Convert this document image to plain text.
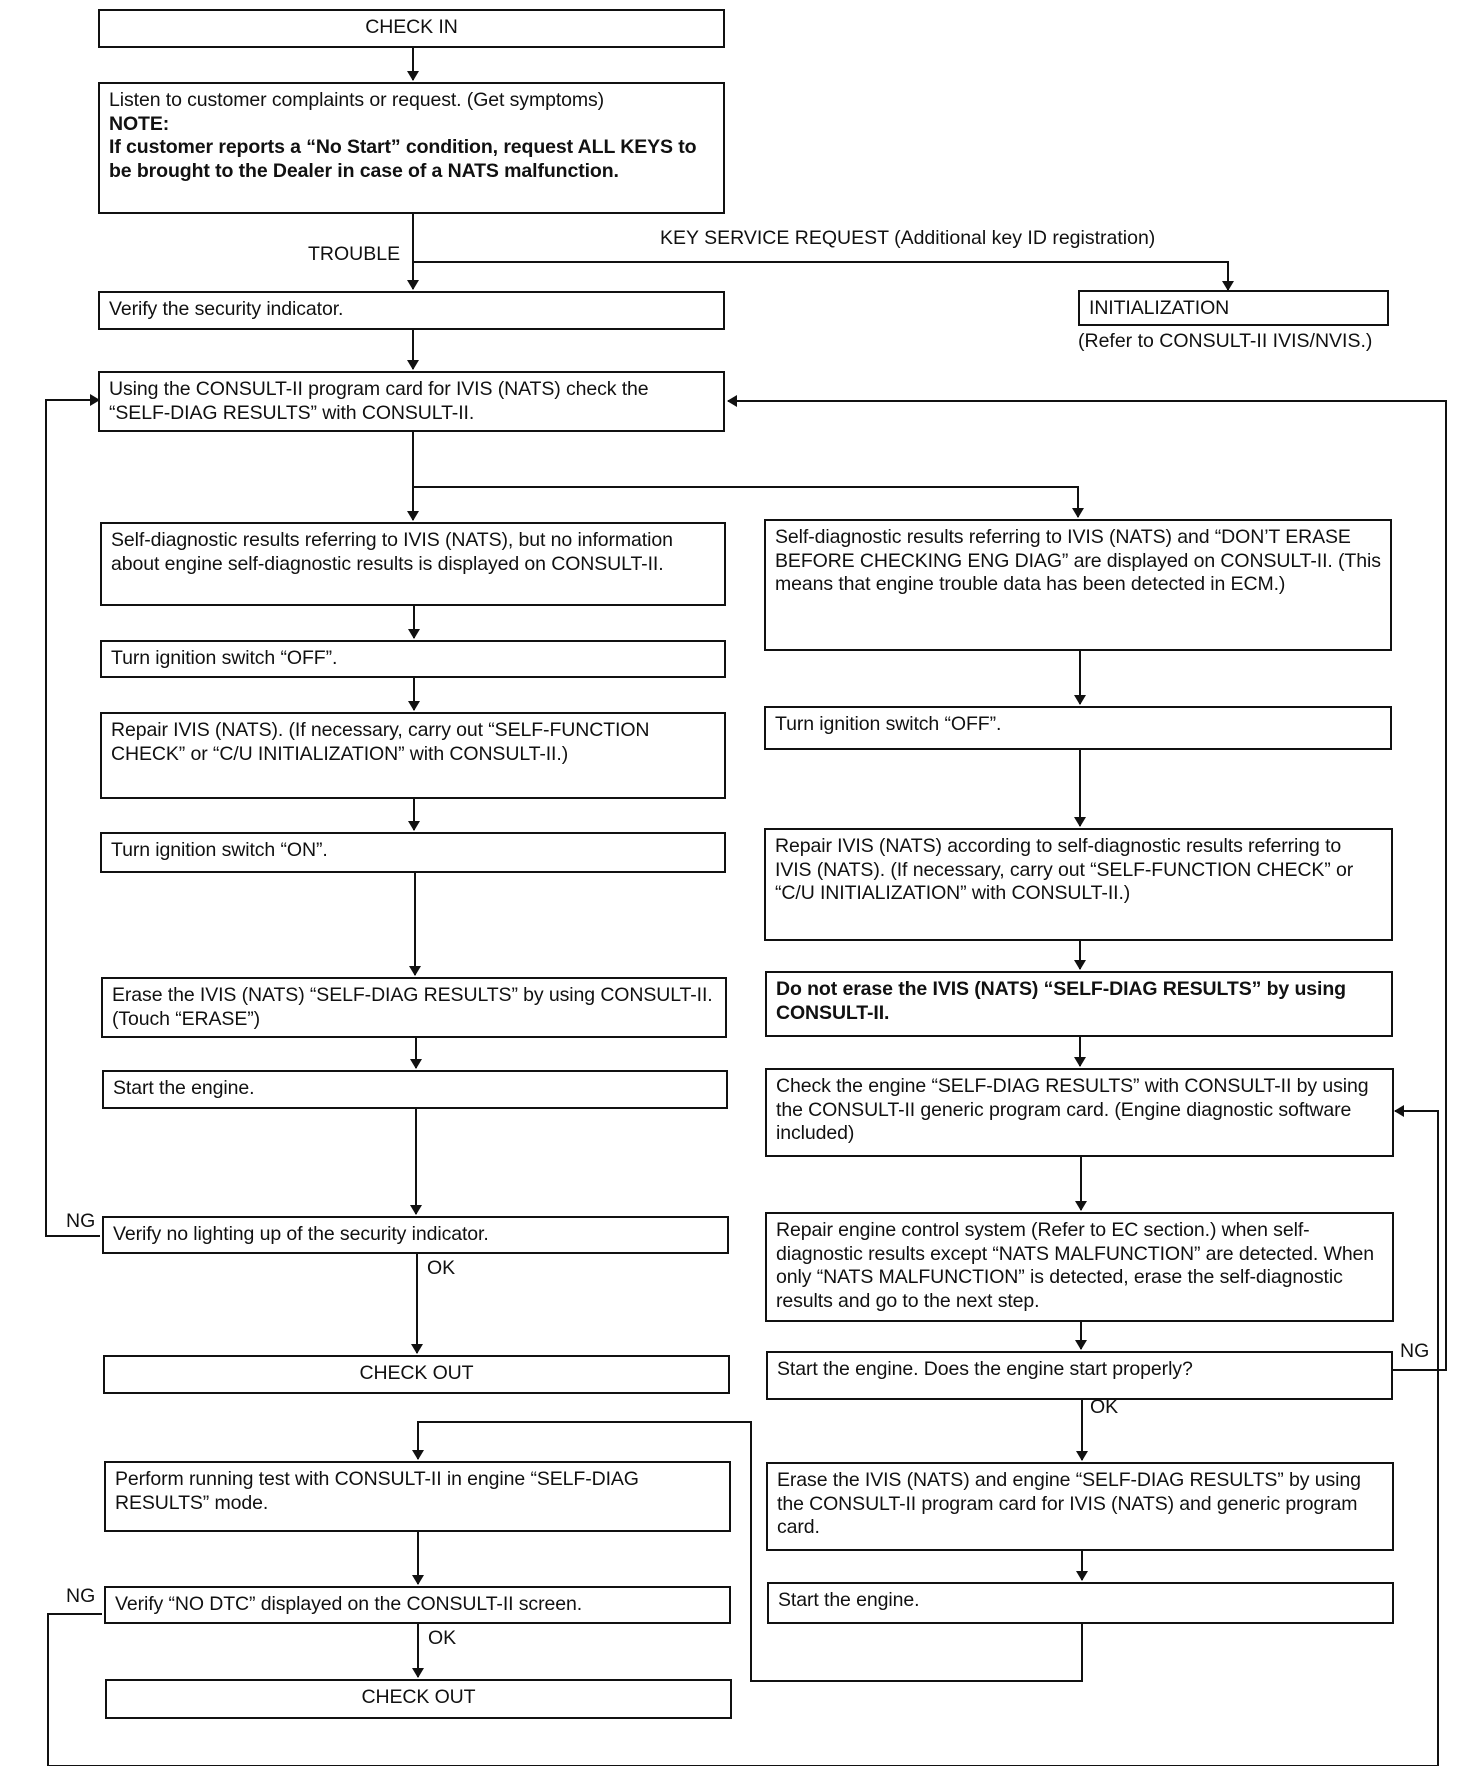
CHECK IN
Listen to customer complaints or request. (Get symptoms)
NOTE:
If customer reports a “No Start” condition, request ALL KEYS to be brought to the Dealer in case of a NATS malfunction.
TROUBLE
KEY SERVICE REQUEST (Additional key ID registration)
Verify the security indicator.	INITIALIZATION
(Refer to CONSULT-II IVIS/NVIS.)
Using the CONSULT-II program card for IVIS (NATS) check the “SELF-DIAG RESULTS” with CONSULT-II.
Self-diagnostic results referring to IVIS (NATS), but no information about engine self-diagnostic results is displayed on CONSULT-II.
Turn ignition switch “OFF”.
Repair IVIS (NATS). (If necessary, carry out “SELF-FUNCTION CHECK” or “C/U INITIALIZATION” with CONSULT-II.)
Turn ignition switch “ON”.
Erase the IVIS (NATS) “SELF-DIAG RESULTS” by using CONSULT-II. (Touch “ERASE”)
Start the engine.
NG
Verify no lighting up of the security indicator.
OK
CHECK OUT
Perform running test with CONSULT-II in engine “SELF-DIAG RESULTS” mode.
NG	Verify “NO DTC” displayed on the CONSULT-II screen.
OK
CHECK OUT
Self-diagnostic results referring to IVIS (NATS) and “DON’T ERASE BEFORE CHECKING ENG DIAG” are displayed on CONSULT-II. (This means that engine trouble data has been detected in ECM.)
Turn ignition switch “OFF”.
Repair IVIS (NATS) according to self-diagnostic results referring to IVIS (NATS). (If necessary, carry out “SELF-FUNCTION CHECK” or “C/U INITIALIZATION” with CONSULT-II.)
Do not erase the IVIS (NATS) “SELF-DIAG RESULTS” by using CONSULT-II.
Check the engine “SELF-DIAG RESULTS” with CONSULT-II by using the CONSULT-II generic program card. (Engine diagnostic software included)
Repair engine control system (Refer to EC section.) when self-diagnostic results except “NATS MALFUNCTION” are detected. When only “NATS MALFUNCTION” is detected, erase the self-diagnostic results and go to the next step.
Start the engine. Does the engine start properly?
NG
OK
Erase the IVIS (NATS) and engine “SELF-DIAG RESULTS” by using the CONSULT-II program card for IVIS (NATS) and generic program card.
Start the engine.
